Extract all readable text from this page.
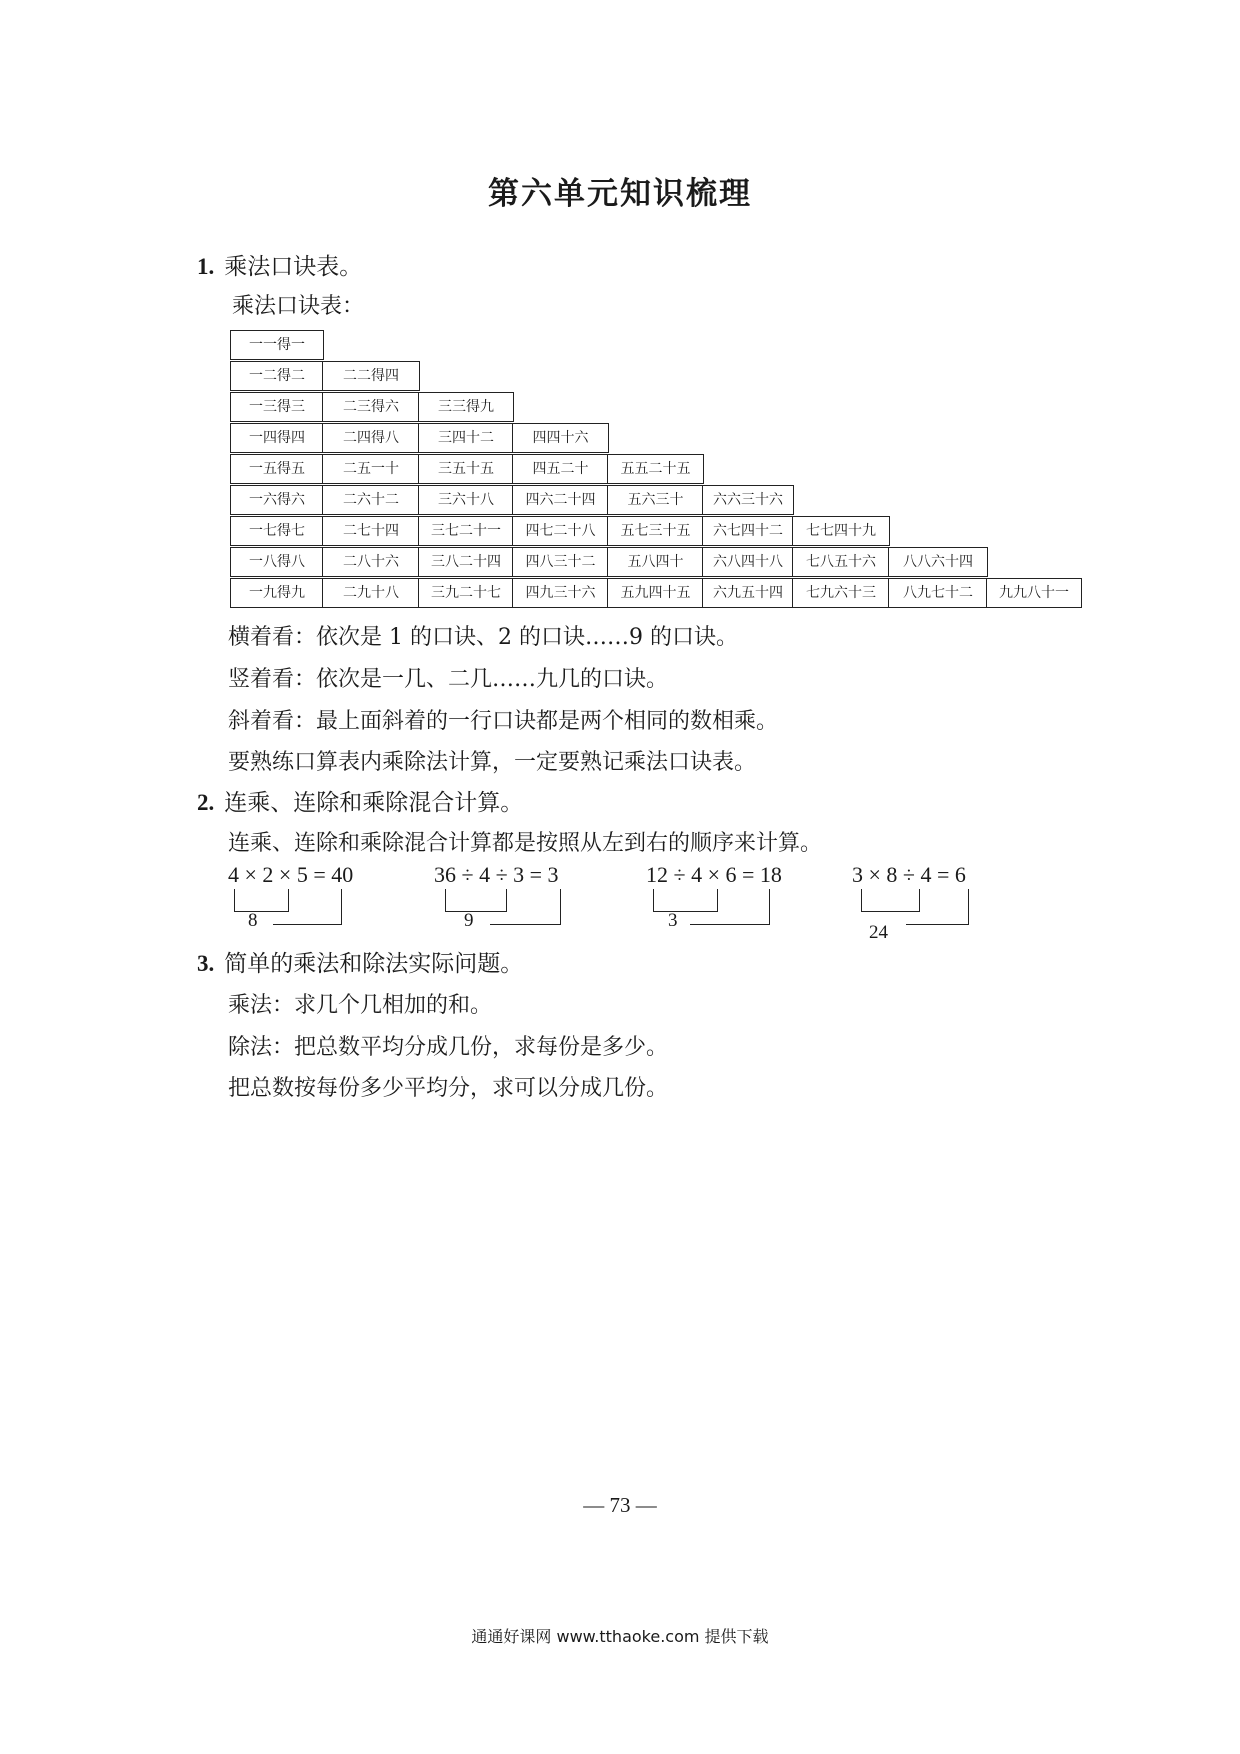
第六单元知识梳理
1. 乘法口诀表。
乘法口诀表：
一一得一
一二得二	二二得四
一三得三	二三得六	三三得九
一四得四	二四得八	三四十二	四四十六
一五得五	二五一十	三五十五	四五二十	五五二十五
一六得六	二六十二	三六十八	四六二十四	五六三十	六六三十六
一七得七	二七十四	三七二十一	四七二十八	五七三十五	六七四十二	七七四十九
一八得八	二八十六	三八二十四	四八三十二	五八四十	六八四十八	七八五十六	八八六十四
一九得九	二九十八	三九二十七	四九三十六	五九四十五	六九五十四	七九六十三	八九七十二	九九八十一
横着看：依次是 1 的口诀、2 的口诀……9 的口诀。
竖着看：依次是一几、二几……九几的口诀。
斜着看：最上面斜着的一行口诀都是两个相同的数相乘。
要熟练口算表内乘除法计算，一定要熟记乘法口诀表。
2. 连乘、连除和乘除混合计算。
连乘、连除和乘除混合计算都是按照从左到右的顺序来计算。
4 × 2 × 5 = 40
8
36 ÷ 4 ÷ 3 = 3
9
12 ÷ 4 × 6 = 18
3
3 × 8 ÷ 4 = 6
24
3. 简单的乘法和除法实际问题。
乘法：求几个几相加的和。
除法：把总数平均分成几份，求每份是多少。
把总数按每份多少平均分，求可以分成几份。
— 73 —
通通好课网 www.tthaoke.com 提供下载
